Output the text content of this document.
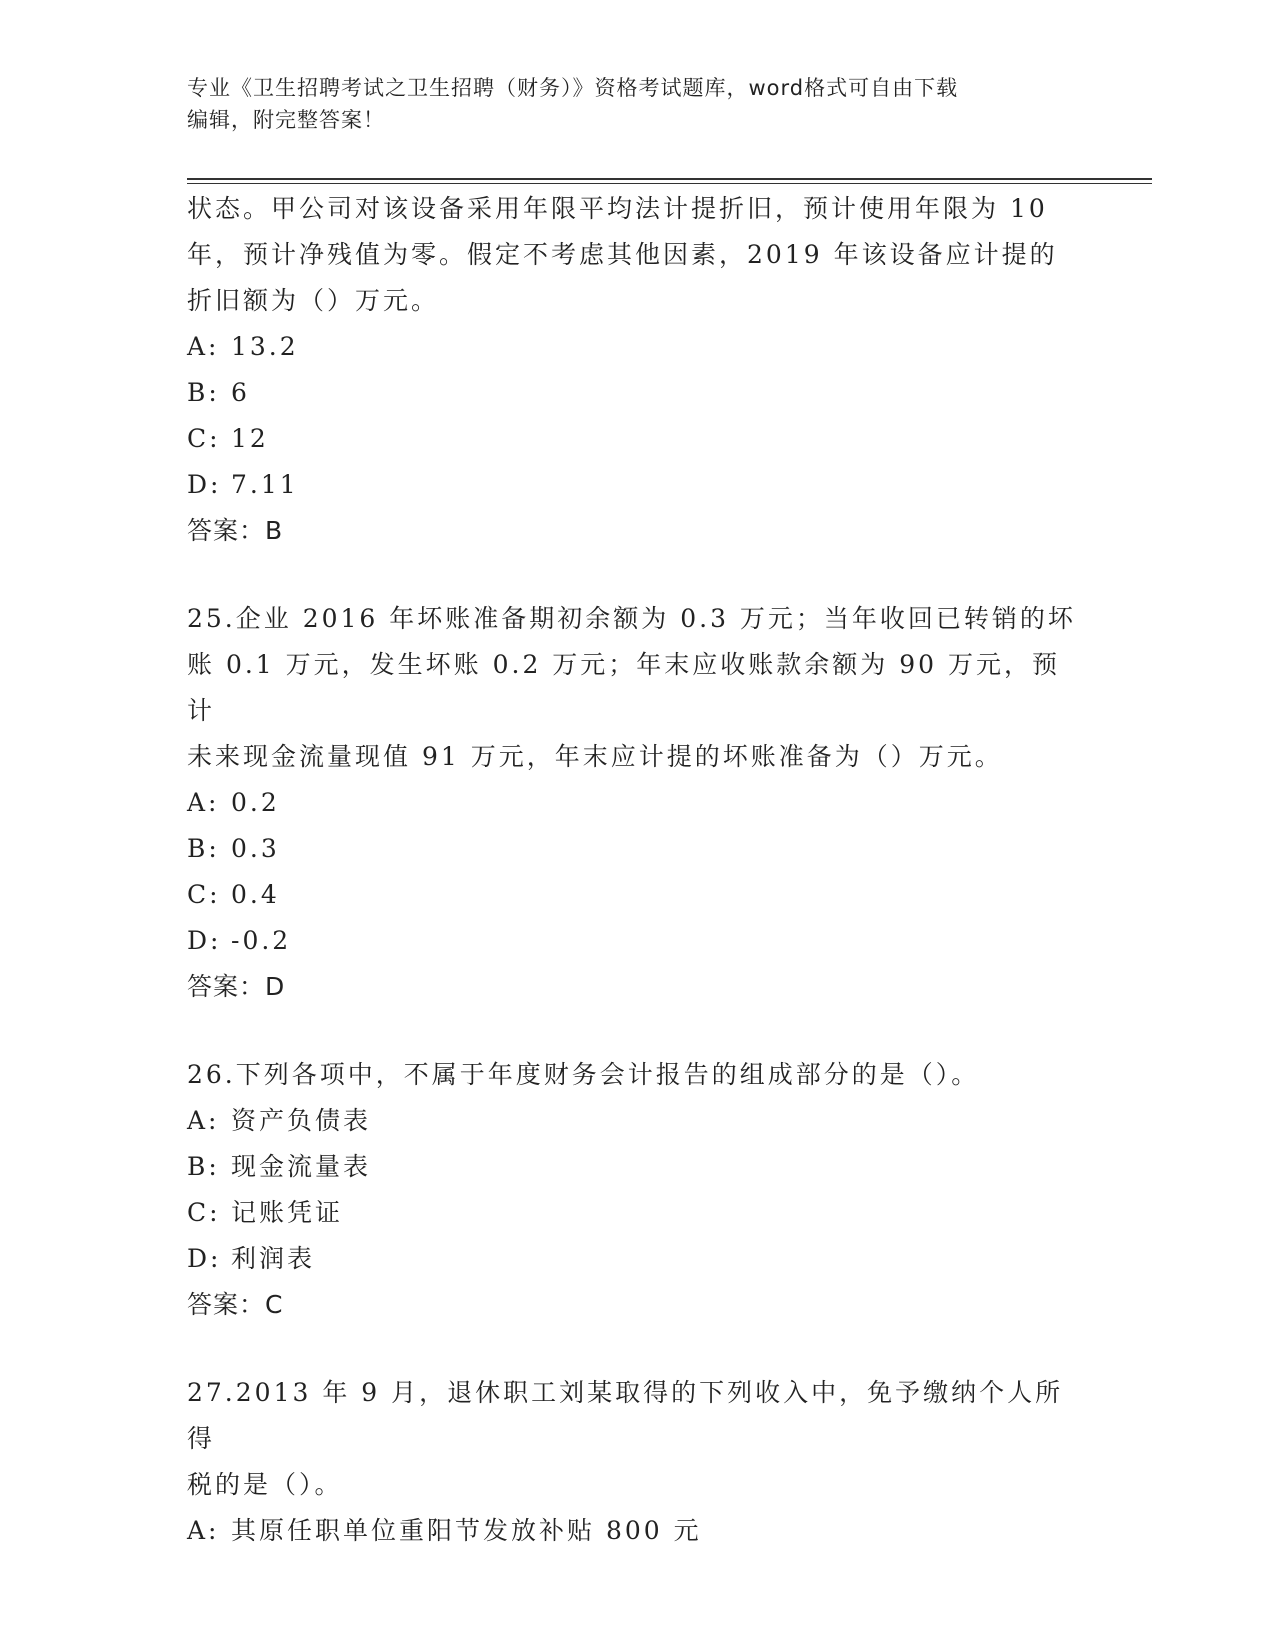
专业《卫生招聘考试之卫生招聘（财务）》资格考试题库，word格式可自由下载
编辑，附完整答案！

状态。甲公司对该设备采用年限平均法计提折旧，预计使用年限为 10

年，预计净残值为零。假定不考虑其他因素，2019 年该设备应计提的

折旧额为（）万元。

A: 13.2

B: 6

C: 12

D: 7.11

答案：B

25.企业 2016 年坏账准备期初余额为 0.3 万元；当年收回已转销的坏

账 0.1 万元，发生坏账 0.2 万元；年末应收账款余额为 90 万元，预计

未来现金流量现值 91 万元，年末应计提的坏账准备为（）万元。

A: 0.2

B: 0.3

C: 0.4

D: -0.2

答案：D

26.下列各项中，不属于年度财务会计报告的组成部分的是（）。

A: 资产负债表

B: 现金流量表

C: 记账凭证

D: 利润表

答案：C

27.2013 年 9 月，退休职工刘某取得的下列收入中，免予缴纳个人所得

税的是（）。

A: 其原任职单位重阳节发放补贴 800 元
